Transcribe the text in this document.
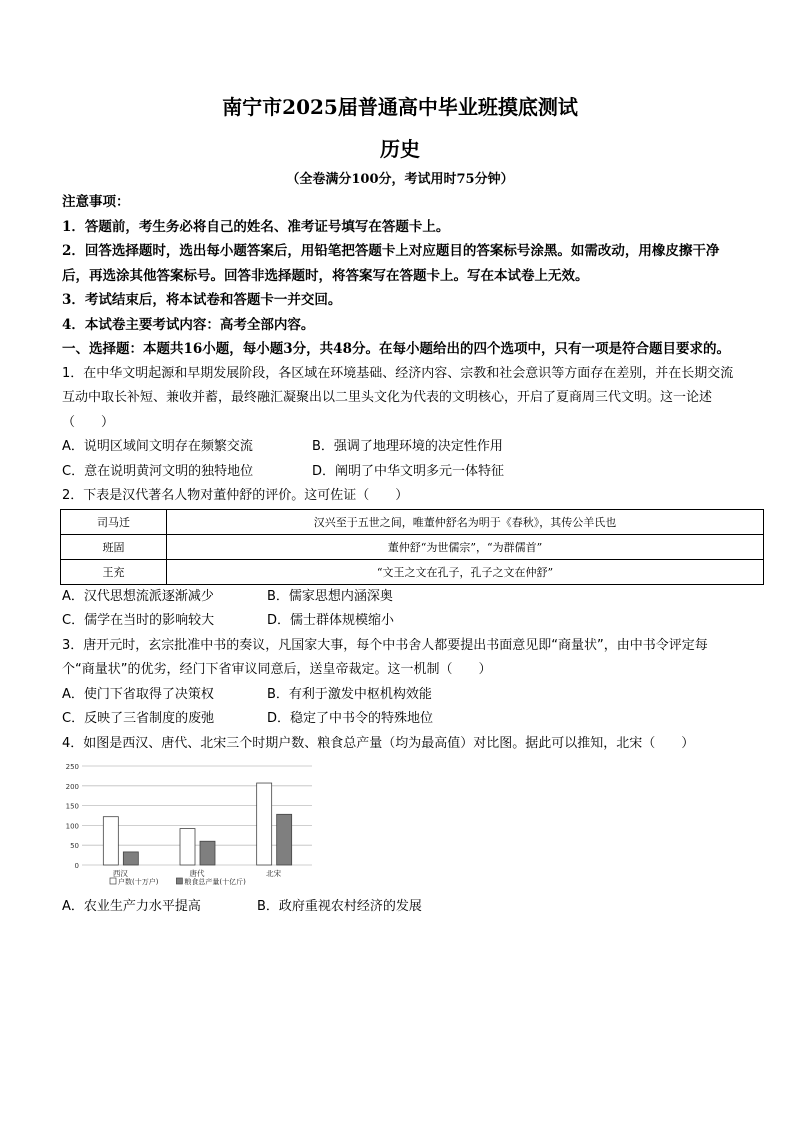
南宁市2025届普通高中毕业班摸底测试
历史
（全卷满分100分，考试用时75分钟）

注意事项：

1．答题前，考生务必将自己的姓名、准考证号填写在答题卡上。

2．回答选择题时，选出每小题答案后，用铅笔把答题卡上对应题目的答案标号涂黑。如需改动，用橡皮擦干净后，再选涂其他答案标号。回答非选择题时，将答案写在答题卡上。写在本试卷上无效。

3．考试结束后，将本试卷和答题卡一并交回。

4．本试卷主要考试内容：高考全部内容。

一、选择题：本题共16小题，每小题3分，共48分。在每小题给出的四个选项中，只有一项是符合题目要求的。

1．在中华文明起源和早期发展阶段，各区域在环境基础、经济内容、宗教和社会意识等方面存在差别，并在长期交流互动中取长补短、兼收并蓄，最终融汇凝聚出以二里头文化为代表的文明核心，开启了夏商周三代文明。这一论述（　　）

A．说明区域间文明存在频繁交流	B．强调了地理环境的决定性作用
C．意在说明黄河文明的独特地位	D．阐明了中华文明多元一体特征

2．下表是汉代著名人物对董仲舒的评价。这可佐证（　　）

司马迁	汉兴至于五世之间，唯董仲舒名为明于《春秋》，其传公羊氏也
班固	董仲舒“为世儒宗”，“为群儒首”
王充	“文王之文在孔子，孔子之文在仲舒”
A．汉代思想流派逐渐减少	B．儒家思想内涵深奥
C．儒学在当时的影响较大	D．儒士群体规模缩小

3．唐开元时，玄宗批准中书的奏议，凡国家大事，每个中书舍人都要提出书面意见即“商量状”，由中书令评定每个“商量状”的优劣，经门下省审议同意后，送皇帝裁定。这一机制（　　）

A．使门下省取得了决策权	B．有利于激发中枢机构效能
C．反映了三省制度的废弛	D．稳定了中书令的特殊地位

4．如图是西汉、唐代、北宋三个时期户数、粮食总产量（均为最高值）对比图。据此可以推知，北宋（　　）

0
50
100
150
200
250
西汉	唐代	北宋
户数(十万户)	粮食总产量(十亿斤)
A．农业生产力水平提高	B．政府重视农村经济的发展
